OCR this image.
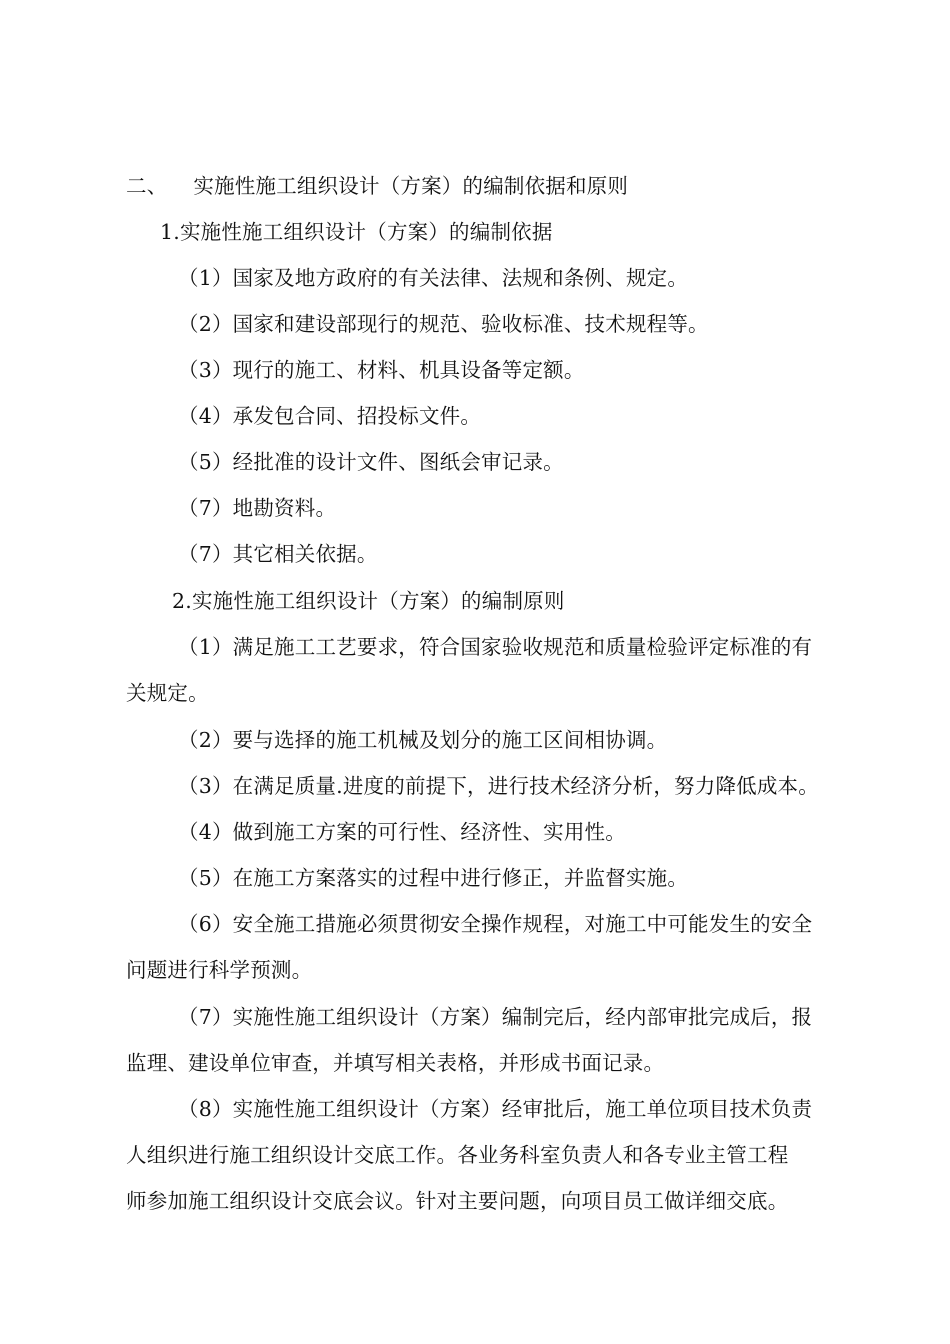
二、 实施性施工组织设计（方案）的编制依据和原则
1.实施性施工组织设计（方案）的编制依据
（1）国家及地方政府的有关法律、法规和条例、规定。
（2）国家和建设部现行的规范、验收标准、技术规程等。
（3）现行的施工、材料、机具设备等定额。
（4）承发包合同、招投标文件。
（5）经批准的设计文件、图纸会审记录。
（7）地勘资料。
（7）其它相关依据。
2.实施性施工组织设计（方案）的编制原则
（1）满足施工工艺要求，符合国家验收规范和质量检验评定标准的有
关规定。
（2）要与选择的施工机械及划分的施工区间相协调。
（3）在满足质量.进度的前提下，进行技术经济分析，努力降低成本。
（4）做到施工方案的可行性、经济性、实用性。
（5）在施工方案落实的过程中进行修正，并监督实施。
（6）安全施工措施必须贯彻安全操作规程，对施工中可能发生的安全
问题进行科学预测。
（7）实施性施工组织设计（方案）编制完后，经内部审批完成后，报
监理、建设单位审查，并填写相关表格，并形成书面记录。
（8）实施性施工组织设计（方案）经审批后，施工单位项目技术负责
人组织进行施工组织设计交底工作。各业务科室负责人和各专业主管工程
师参加施工组织设计交底会议。针对主要问题，向项目员工做详细交底。
